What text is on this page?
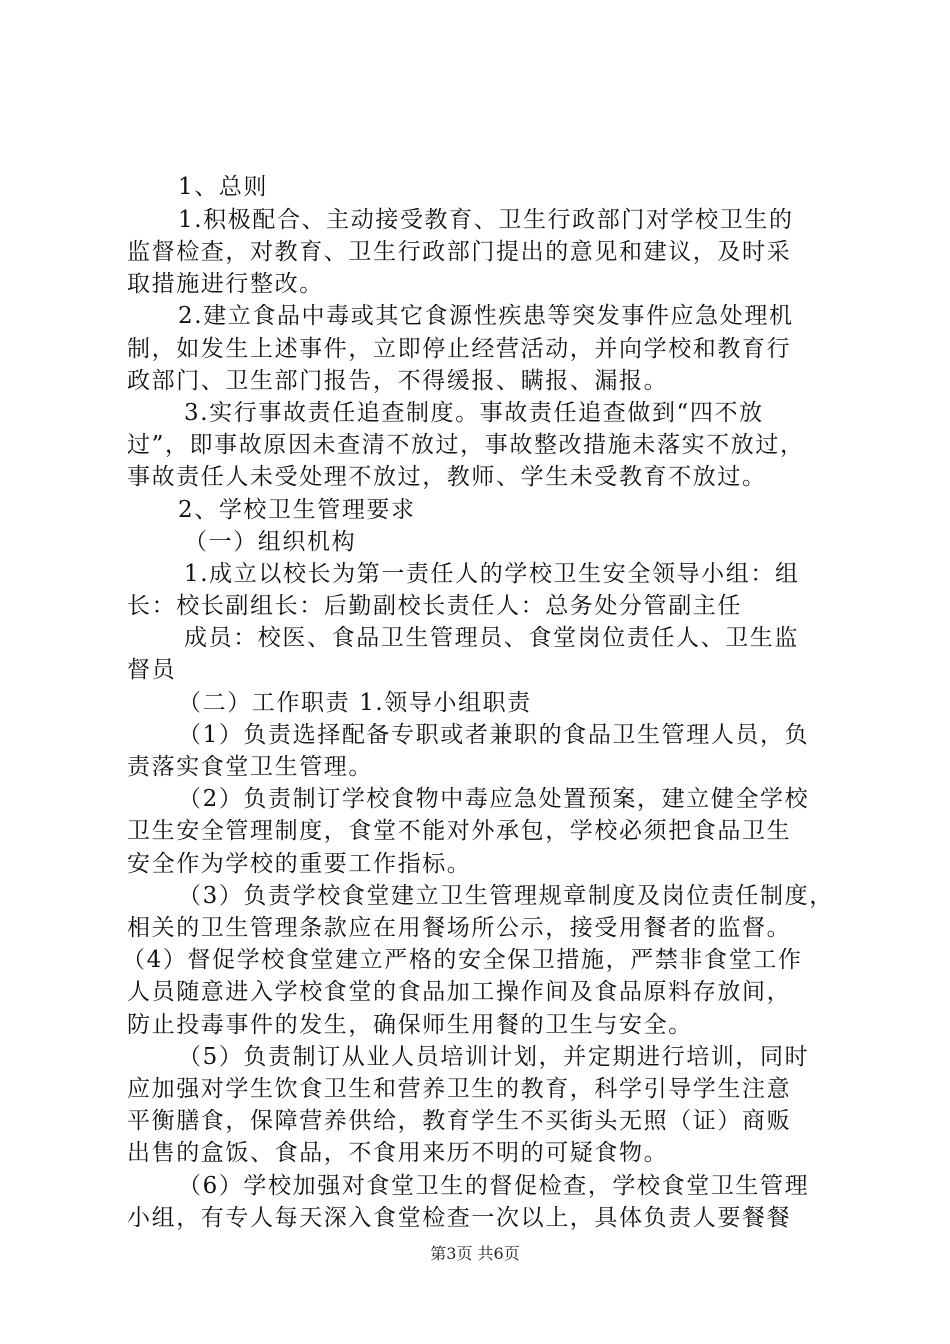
1、总则
1.积极配合、主动接受教育、卫生行政部门对学校卫生的
监督检查，对教育、卫生行政部门提出的意见和建议，及时采
取措施进行整改。
2.建立食品中毒或其它食源性疾患等突发事件应急处理机
制，如发生上述事件，立即停止经营活动，并向学校和教育行
政部门、卫生部门报告，不得缓报、瞒报、漏报。
3.实行事故责任追查制度。事故责任追查做到“四不放
过”，即事故原因未查清不放过，事故整改措施未落实不放过，
事故责任人未受处理不放过，教师、学生未受教育不放过。
2、学校卫生管理要求
（一）组织机构
1.成立以校长为第一责任人的学校卫生安全领导小组：组
长：校长副组长：后勤副校长责任人：总务处分管副主任
成员：校医、食品卫生管理员、食堂岗位责任人、卫生监
督员
（二）工作职责 1.领导小组职责
（1）负责选择配备专职或者兼职的食品卫生管理人员，负
责落实食堂卫生管理。
（2）负责制订学校食物中毒应急处置预案，建立健全学校
卫生安全管理制度，食堂不能对外承包，学校必须把食品卫生
安全作为学校的重要工作指标。
（3）负责学校食堂建立卫生管理规章制度及岗位责任制度，
相关的卫生管理条款应在用餐场所公示，接受用餐者的监督。
（4）督促学校食堂建立严格的安全保卫措施，严禁非食堂工作
人员随意进入学校食堂的食品加工操作间及食品原料存放间，
防止投毒事件的发生，确保师生用餐的卫生与安全。
（5）负责制订从业人员培训计划，并定期进行培训，同时
应加强对学生饮食卫生和营养卫生的教育，科学引导学生注意
平衡膳食，保障营养供给，教育学生不买街头无照（证）商贩
出售的盒饭、食品，不食用来历不明的可疑食物。
（6）学校加强对食堂卫生的督促检查，学校食堂卫生管理
小组，有专人每天深入食堂检查一次以上，具体负责人要餐餐
第3页 共6页
